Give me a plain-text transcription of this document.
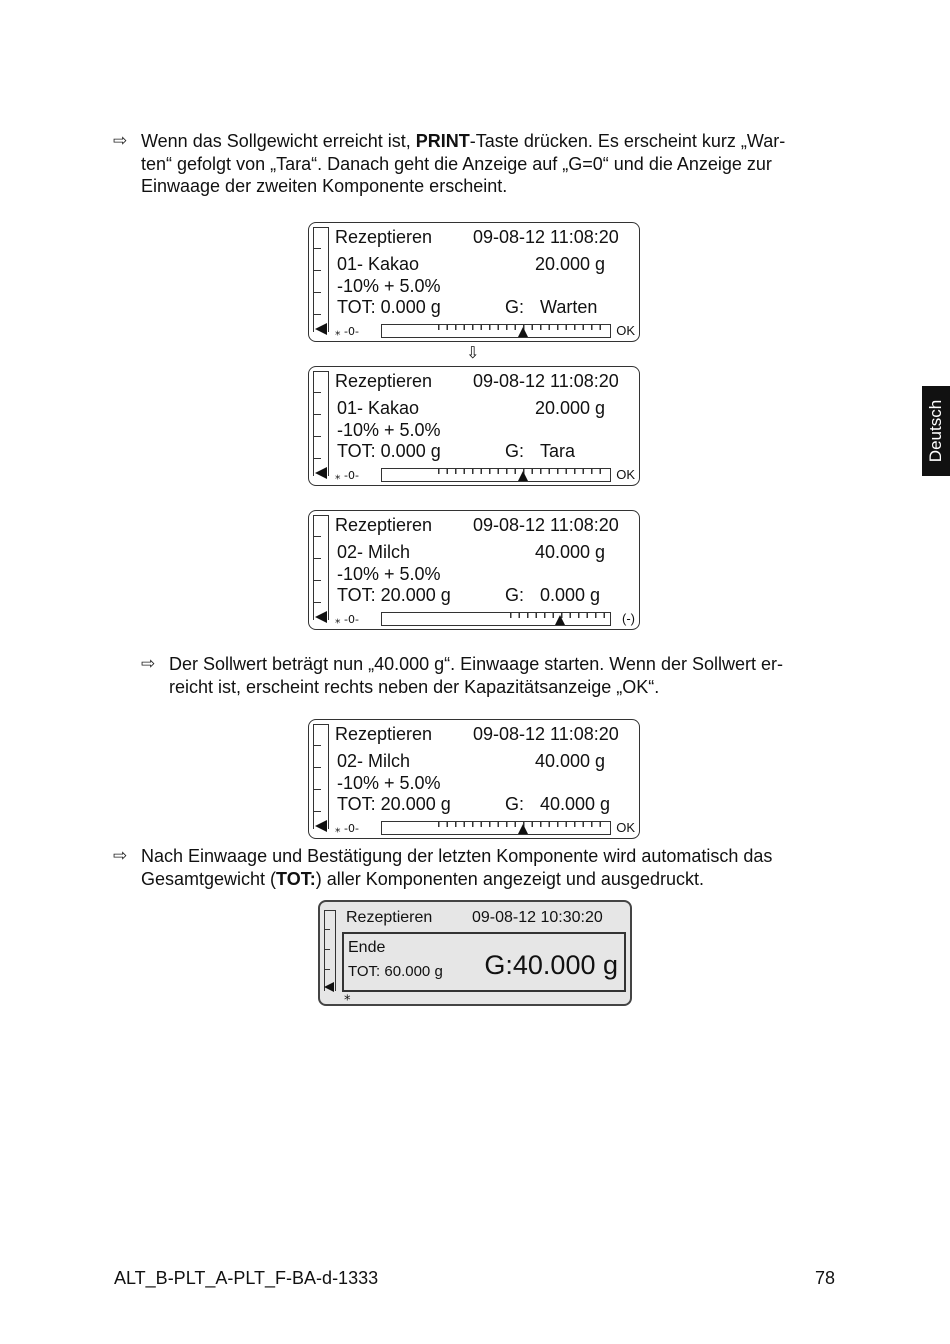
Deutsch
⇨ Wenn das Sollgewicht erreicht ist, PRINT-Taste drücken. Es erscheint kurz „War-
ten“ gefolgt von „Tara“. Danach geht die Anzeige auf „G=0“ und die Anzeige zur
Einwaage der zweiten Komponente erscheint.
Rezeptieren 09-08-12 11:08:20
01- Kakao	20.000 g
-10% + 5.0%
TOT: 0.000 g	G: Warten
⁎ -0-	OK
⇩
Rezeptieren 09-08-12 11:08:20
01- Kakao	20.000 g
-10% + 5.0%
TOT: 0.000 g	G: Tara
⁎ -0-	OK
Rezeptieren 09-08-12 11:08:20
02- Milch	40.000 g
-10% + 5.0%
TOT: 20.000 g	G: 0.000 g
⁎ -0-	(-)
⇨ Der Sollwert beträgt nun „40.000 g“. Einwaage starten. Wenn der Sollwert er-
reicht ist, erscheint rechts neben der Kapazitätsanzeige „OK“.
Rezeptieren 09-08-12 11:08:20
02- Milch	40.000 g
-10% + 5.0%
TOT: 20.000 g	G: 40.000 g
⁎ -0-	OK
⇨ Nach Einwaage und Bestätigung der letzten Komponente wird automatisch das
Gesamtgewicht (TOT:) aller Komponenten angezeigt und ausgedruckt.
Rezeptieren 09-08-12 10:30:20
Ende
TOT: 60.000 g G:40.000 g
⁎
ALT_B-PLT_A-PLT_F-BA-d-1333	78
